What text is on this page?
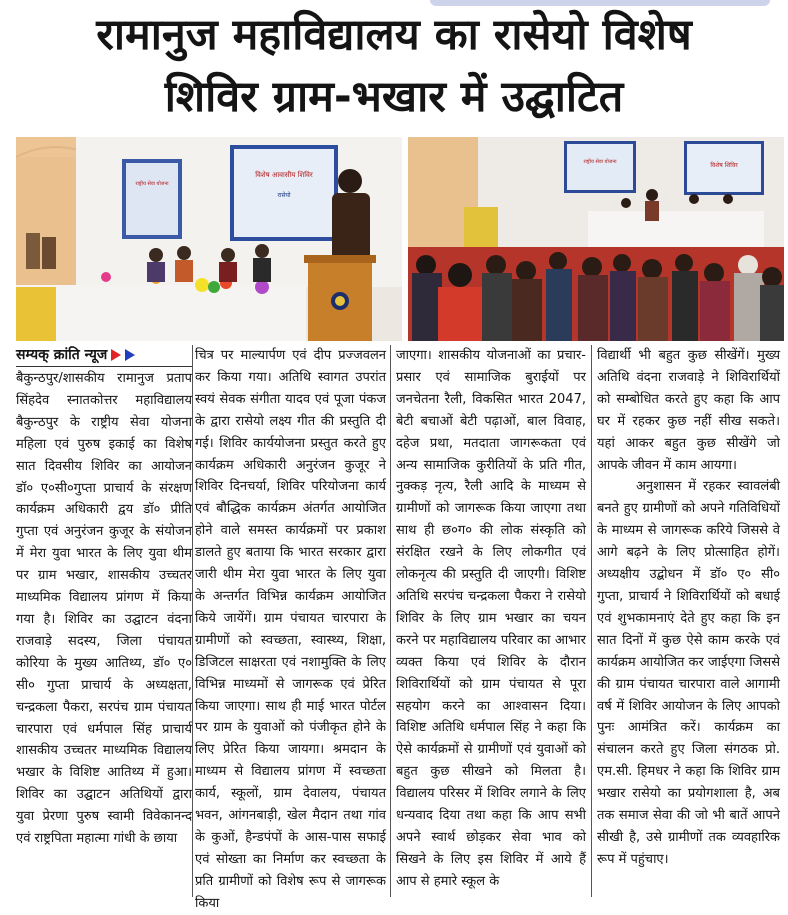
रामानुज महाविद्यालय का रासेयो विशेष
शिविर ग्राम-भखार में उद्घाटित
राष्ट्रीय सेवा योजना
विशेष आवासीय शिविर
रासेयो
राष्ट्रीय सेवा योजना	विशेष शिविर
सम्यक् क्रांति न्यूज

बैकुन्ठपुर/शासकीय रामानुज प्रताप सिंहदेव स्नातकोत्तर महाविद्यालय बैकुन्ठपुर के राष्ट्रीय सेवा योजना महिला एवं पुरुष इकाई का विशेष सात दिवसीय शिविर का आयोजन डॉ० ए०सी०गुप्ता प्राचार्य के संरक्षण कार्यक्रम अधिकारी द्वय डॉ० प्रीति गुप्ता एवं अनुरंजन कुजूर के संयोजन में मेरा युवा भारत के लिए युवा थीम पर ग्राम भखार, शासकीय उच्चतर माध्यमिक विद्यालय प्रांगण में किया गया है। शिविर का उद्घाटन वंदना राजवाड़े सदस्य, जिला पंचायत कोरिया के मुख्य आतिथ्य, डॉ० ए० सी० गुप्ता प्राचार्य के अध्यक्षता, चन्द्रकला पैकरा, सरपंच ग्राम पंचायत चारपारा एवं धर्मपाल सिंह प्राचार्य शासकीय उच्चतर माध्यमिक विद्यालय भखार के विशिष्ट आतिथ्य में हुआ। शिविर का उद्घाटन अतिथियों द्वारा युवा प्रेरणा पुरुष स्वामी विवेकानन्द एवं राष्ट्रपिता महात्मा गांधी के छाया

चित्र पर माल्यार्पण एवं दीप प्रज्जवलन कर किया गया। अतिथि स्वागत उपरांत स्वयं सेवक संगीता यादव एवं पूजा पंकज के द्वारा रासेयो लक्ष्य गीत की प्रस्तुति दी गई। शिविर कार्ययोजना प्रस्तुत करते हुए कार्यक्रम अधिकारी अनुरंजन कुजूर ने शिविर दिनचर्या, शिविर परियोजना कार्य एवं बौद्धिक कार्यक्रम अंतर्गत आयोजित होने वाले समस्त कार्यक्रमों पर प्रकाश डालते हुए बताया कि भारत सरकार द्वारा जारी थीम मेरा युवा भारत के लिए युवा के अन्तर्गत विभिन्न कार्यक्रम आयोजित किये जायेंगें। ग्राम पंचायत चारपारा के ग्रामीणों को स्वच्छता, स्वास्थ्य, शिक्षा, डिजिटल साक्षरता एवं नशामुक्ति के लिए विभिन्न माध्यमों से जागरूक एवं प्रेरित किया जाएगा। साथ ही माई भारत पोर्टल पर ग्राम के युवाओं को पंजीकृत होने के लिए प्रेरित किया जायगा। श्रमदान के माध्यम से विद्यालय प्रांगण में स्वच्छता कार्य, स्कूलों, ग्राम देवालय, पंचायत भवन, आंगनबाड़ी, खेल मैदान तथा गांव के कुओं, हैन्डपंपों के आस-पास सफाई एवं सोख्ता का निर्माण कर स्वच्छता के प्रति ग्रामीणों को विशेष रूप से जागरूक किया

जाएगा। शासकीय योजनाओं का प्रचार-प्रसार एवं सामाजिक बुराईयों पर जनचेतना रैली, विकसित भारत 2047, बेटी बचाओं बेटी पढ़ाओं, बाल विवाह, दहेज प्रथा, मतदाता जागरूकता एवं अन्य सामाजिक कुरीतियों के प्रति गीत, नुक्कड़ नृत्य, रैली आदि के माध्यम से ग्रामीणों को जागरूक किया जाएगा तथा साथ ही छ०ग० की लोक संस्कृति को संरक्षित रखने के लिए लोकगीत एवं लोकनृत्य की प्रस्तुति दी जाएगी। विशिष्ट अतिथि सरपंच चन्द्रकला पैकरा ने रासेयो शिविर के लिए ग्राम भखार का चयन करने पर महाविद्यालय परिवार का आभार व्यक्त किया एवं शिविर के दौरान शिविरार्थियों को ग्राम पंचायत से पूरा सहयोग करने का आश्वासन दिया। विशिष्ट अतिथि धर्मपाल सिंह ने कहा कि ऐसे कार्यक्रमों से ग्रामीणों एवं युवाओं को बहुत कुछ सीखने को मिलता है। विद्यालय परिसर में शिविर लगाने के लिए धन्यवाद दिया तथा कहा कि आप सभी अपने स्वार्थ छोड़कर सेवा भाव को सिखने के लिए इस शिविर में आये हैं आप से हमारे स्कूल के

विद्यार्थी भी बहुत कुछ सीखेंगें। मुख्य अतिथि वंदना राजवाड़े ने शिविरार्थियों को सम्बोधित करते हुए कहा कि आप घर में रहकर कुछ नहीं सीख सकते। यहां आकर बहुत कुछ सीखेंगे जो आपके जीवन में काम आयगा।

अनुशासन में रहकर स्वावलंबी बनते हुए ग्रामीणों को अपने गतिविधियों के माध्यम से जागरूक करिये जिससे वे आगे बढ़ने के लिए प्रोत्साहित होगें। अध्यक्षीय उद्बोधन में डॉ० ए० सी० गुप्ता, प्राचार्य ने शिविरार्थियों को बधाई एवं शुभकामनाएं देते हुए कहा कि इन सात दिनों में कुछ ऐसे काम करके एवं कार्यक्रम आयोजित कर जाईएगा जिससे की ग्राम पंचायत चारपारा वाले आगामी वर्ष में शिविर आयोजन के लिए आपको पुनः आमंत्रित करें। कार्यक्रम का संचालन करते हुए जिला संगठक प्रो. एम.सी. हिमधर ने कहा कि शिविर ग्राम भखार रासेयो का प्रयोगशाला है, अब तक समाज सेवा की जो भी बातें आपने सीखी है, उसे ग्रामीणों तक व्यवहारिक रूप में पहुंचाए।
